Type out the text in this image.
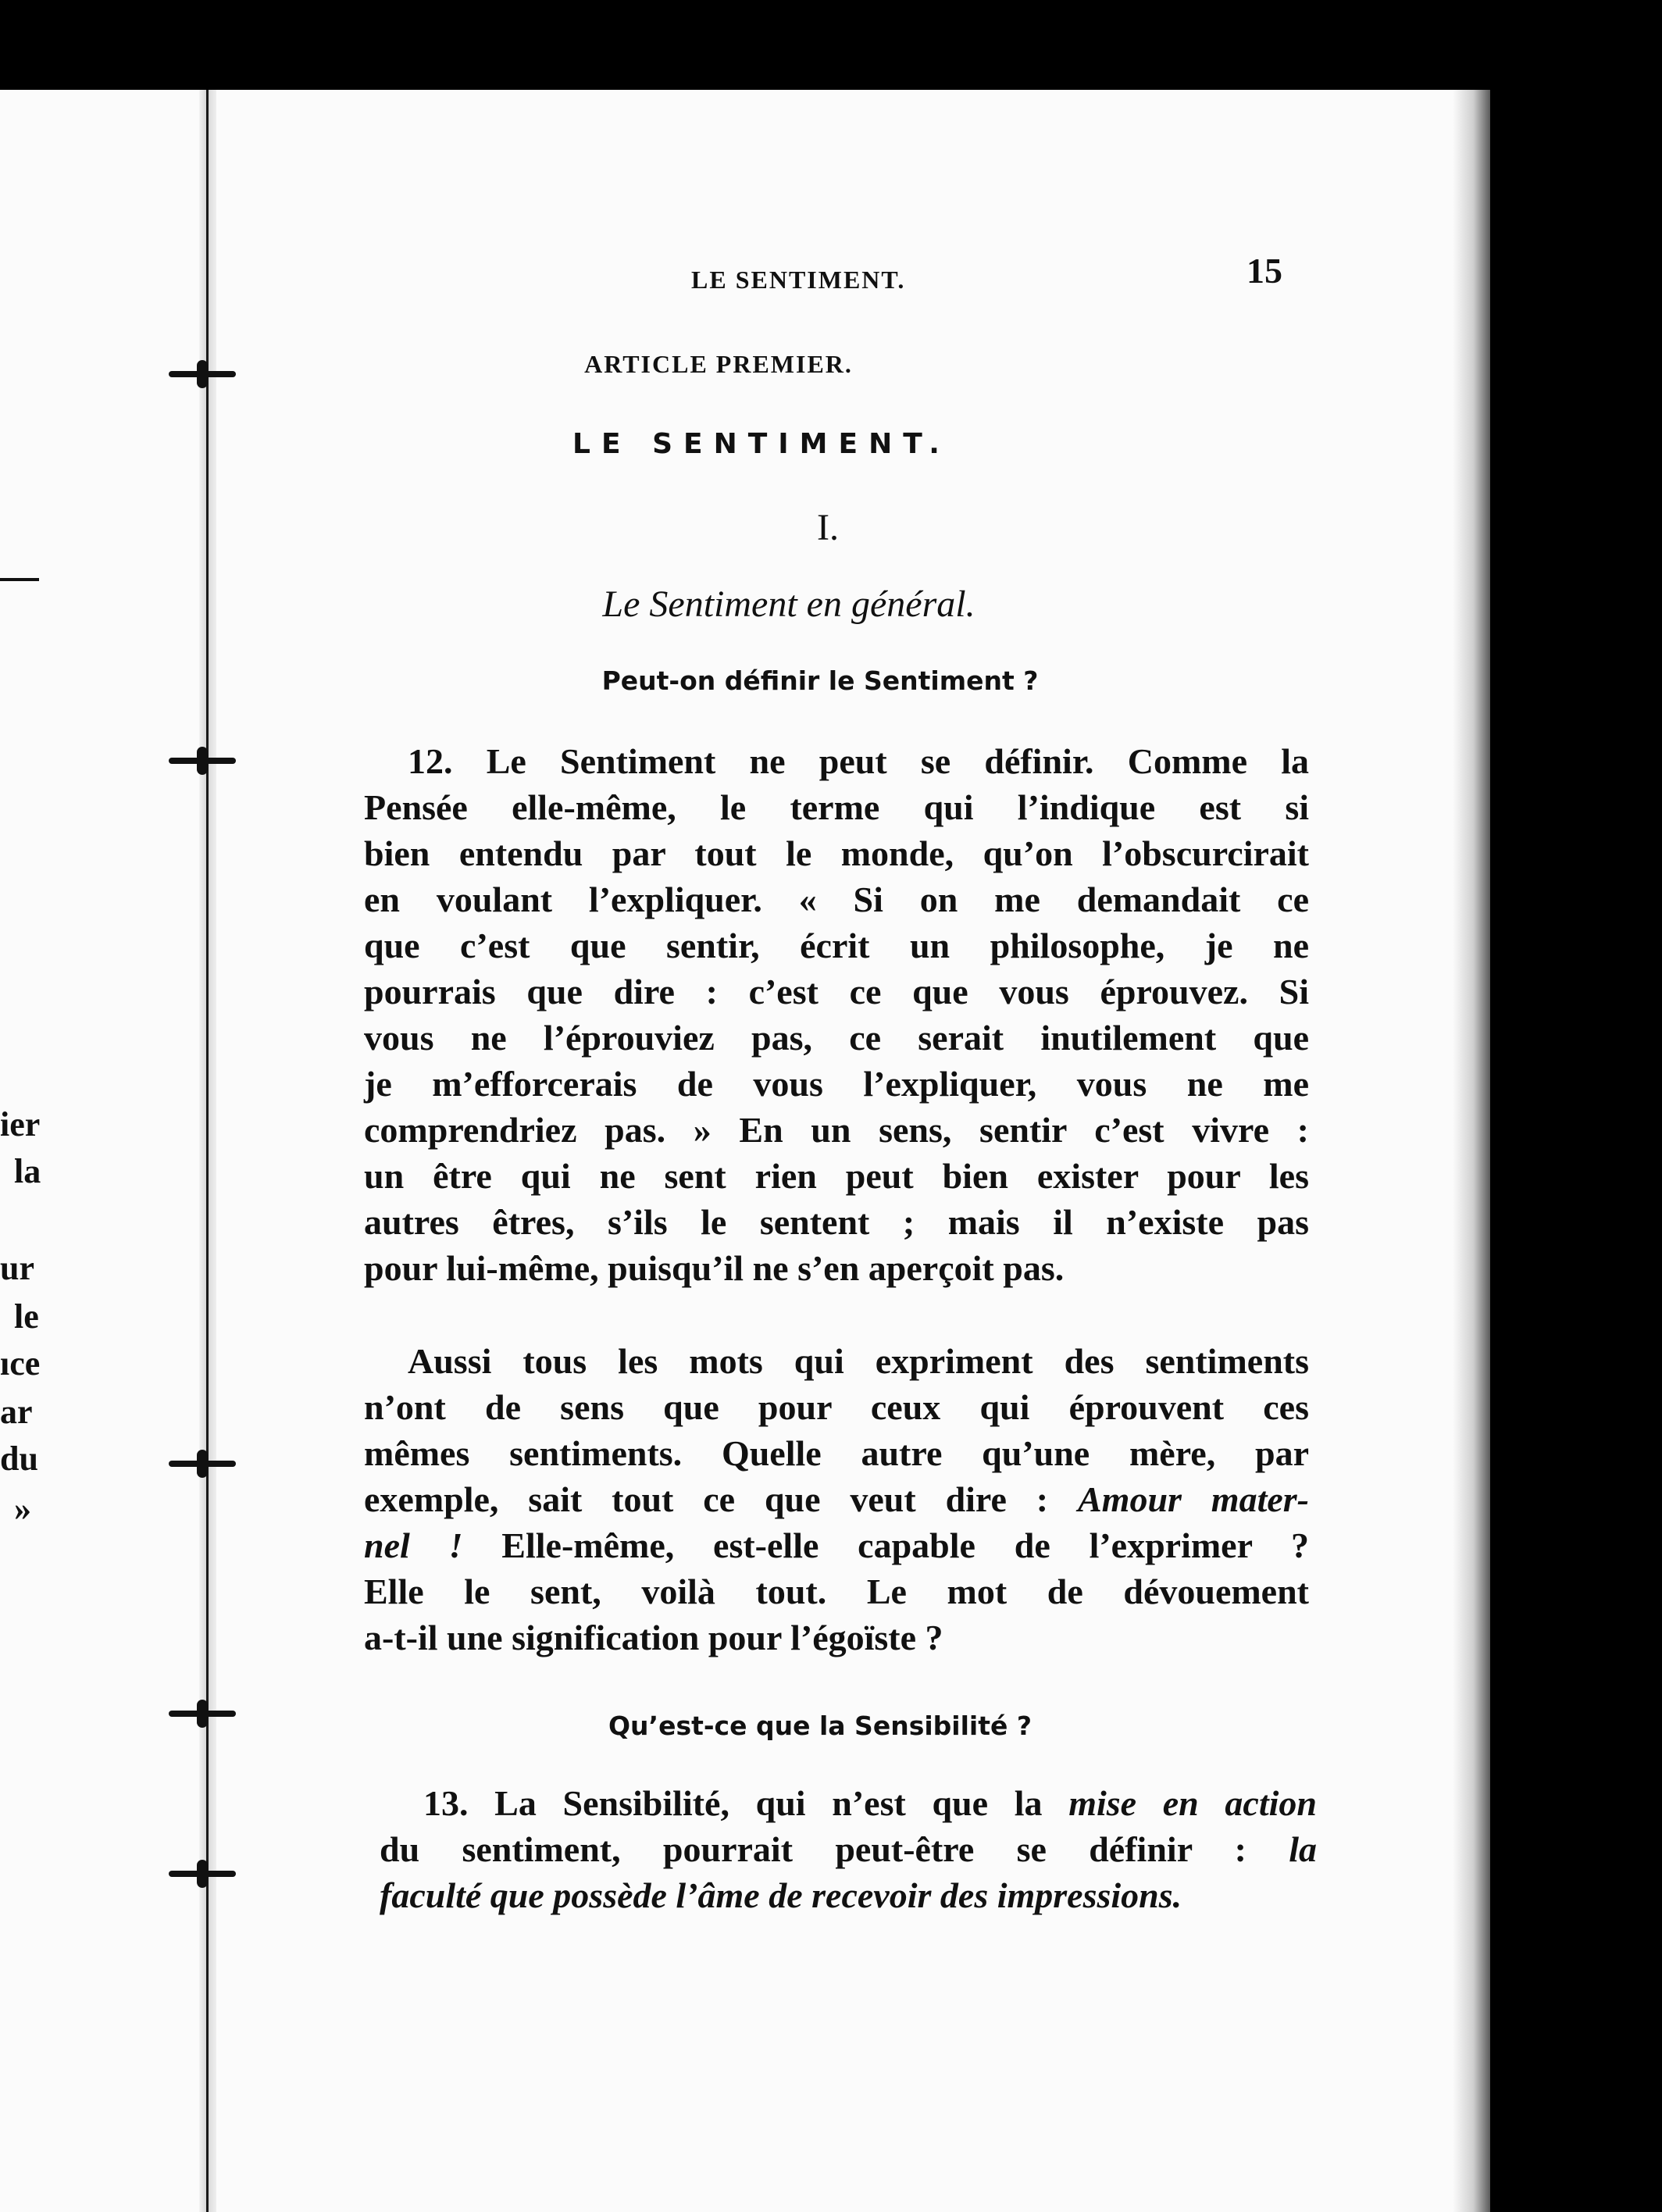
ier
la
ur
le
ıce
ar
du
»
LE SENTIMENT.	15
ARTICLE PREMIER.
LE SENTIMENT.
I.
Le Sentiment en général.
Peut-on définir le Sentiment ?
12. Le Sentiment ne peut se définir. Comme la
Pensée elle-même, le terme qui l’indique est si
bien entendu par tout le monde, qu’on l’obscurcirait
en voulant l’expliquer. « Si on me demandait ce
que c’est que sentir, écrit un philosophe, je ne
pourrais que dire : c’est ce que vous éprouvez. Si
vous ne l’éprouviez pas, ce serait inutilement que
je m’efforcerais de vous l’expliquer, vous ne me
comprendriez pas. » En un sens, sentir c’est vivre :
un être qui ne sent rien peut bien exister pour les
autres êtres, s’ils le sentent ; mais il n’existe pas
pour lui-même, puisqu’il ne s’en aperçoit pas.
Aussi tous les mots qui expriment des sentiments
n’ont de sens que pour ceux qui éprouvent ces
mêmes sentiments. Quelle autre qu’une mère, par
exemple, sait tout ce que veut dire : Amour mater-
nel ! Elle-même, est-elle capable de l’exprimer ?
Elle le sent, voilà tout. Le mot de dévouement
a-t-il une signification pour l’égoïste ?
Qu’est-ce que la Sensibilité ?
13. La Sensibilité, qui n’est que la mise en action
du sentiment, pourrait peut-être se définir : la
faculté que possède l’âme de recevoir des impressions.
